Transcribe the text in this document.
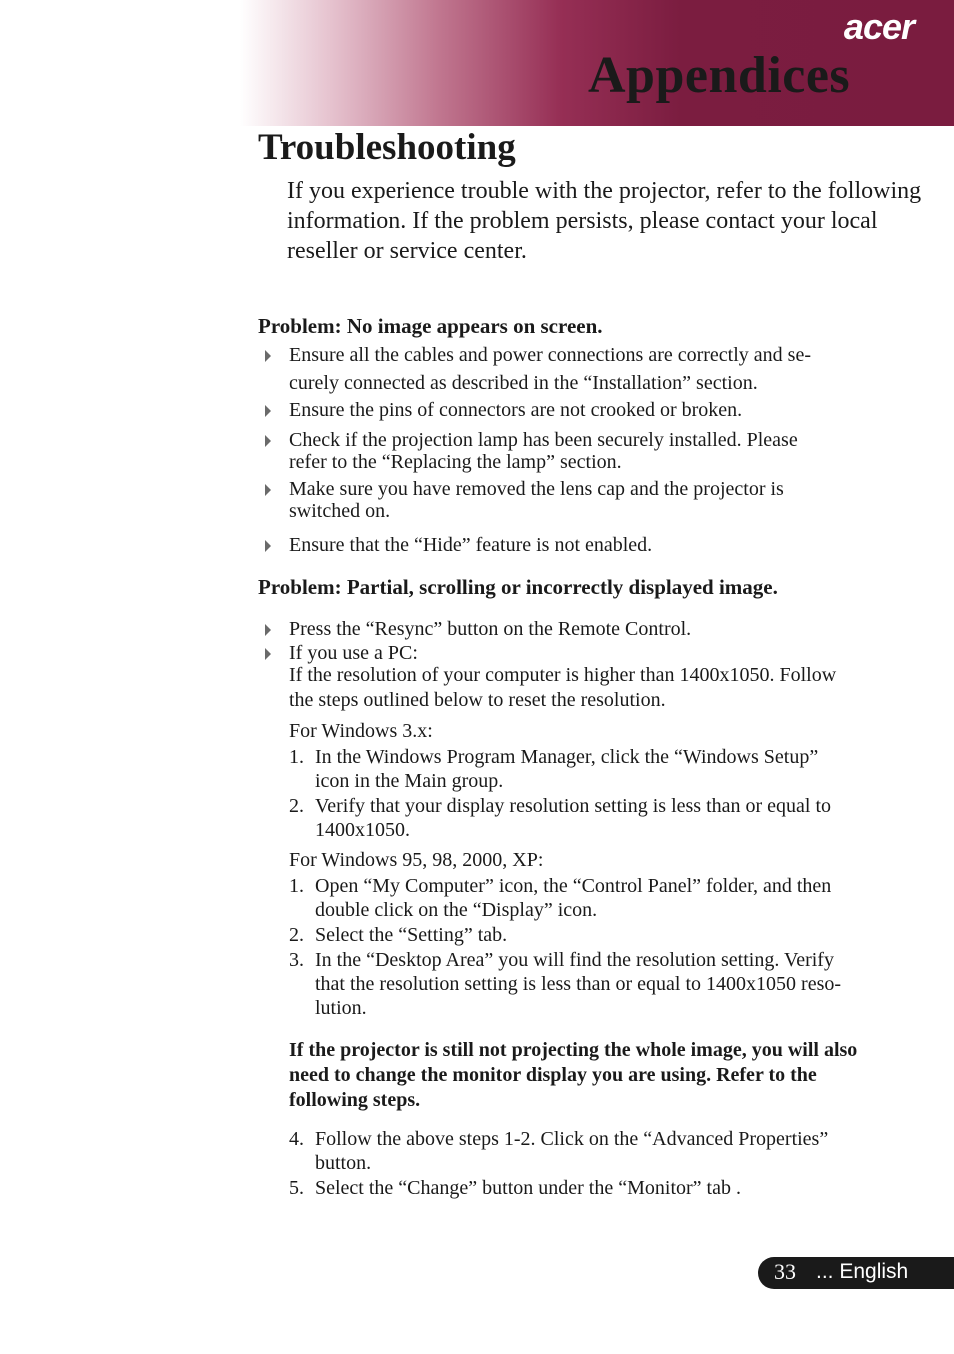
acer
Appendices
Troubleshooting

If you experience trouble with the projector, refer to the following information. If the problem persists, please contact your local reseller or service center.

Problem: No image appears on screen.

Ensure all the cables and power connections are correctly and se-
curely connected as described in the “Installation” section.
Ensure the pins of connectors are not crooked or broken.
Check if the projection lamp has been securely installed. Please
refer to the “Replacing the lamp” section.
Make sure you have removed the lens cap and the projector is
switched on.
Ensure that the “Hide” feature is not enabled.

Problem: Partial, scrolling or incorrectly displayed image.

Press the “Resync” button on the Remote Control.
If you use a PC:

If the resolution of your computer is higher than 1400x1050. Follow

the steps outlined below to reset the resolution.

For Windows 3.x:

1. In the Windows Program Manager, click the “Windows Setup”
icon in the Main group.
2. Verify that your display resolution setting is less than or equal to
1400x1050.

For Windows 95, 98, 2000, XP:

1. Open “My Computer” icon, the “Control Panel” folder, and then
double click on the “Display” icon.
2. Select the “Setting” tab.
3. In the “Desktop Area” you will find the resolution setting. Verify
that the resolution setting is less than or equal to 1400x1050 reso-
lution.

If the projector is still not projecting the whole image, you will also need to change the monitor display you are using. Refer to the following steps.

4. Follow the above steps 1-2. Click on the “Advanced Properties”
button.
5. Select the “Change” button under the “Monitor” tab .
33 ... English
